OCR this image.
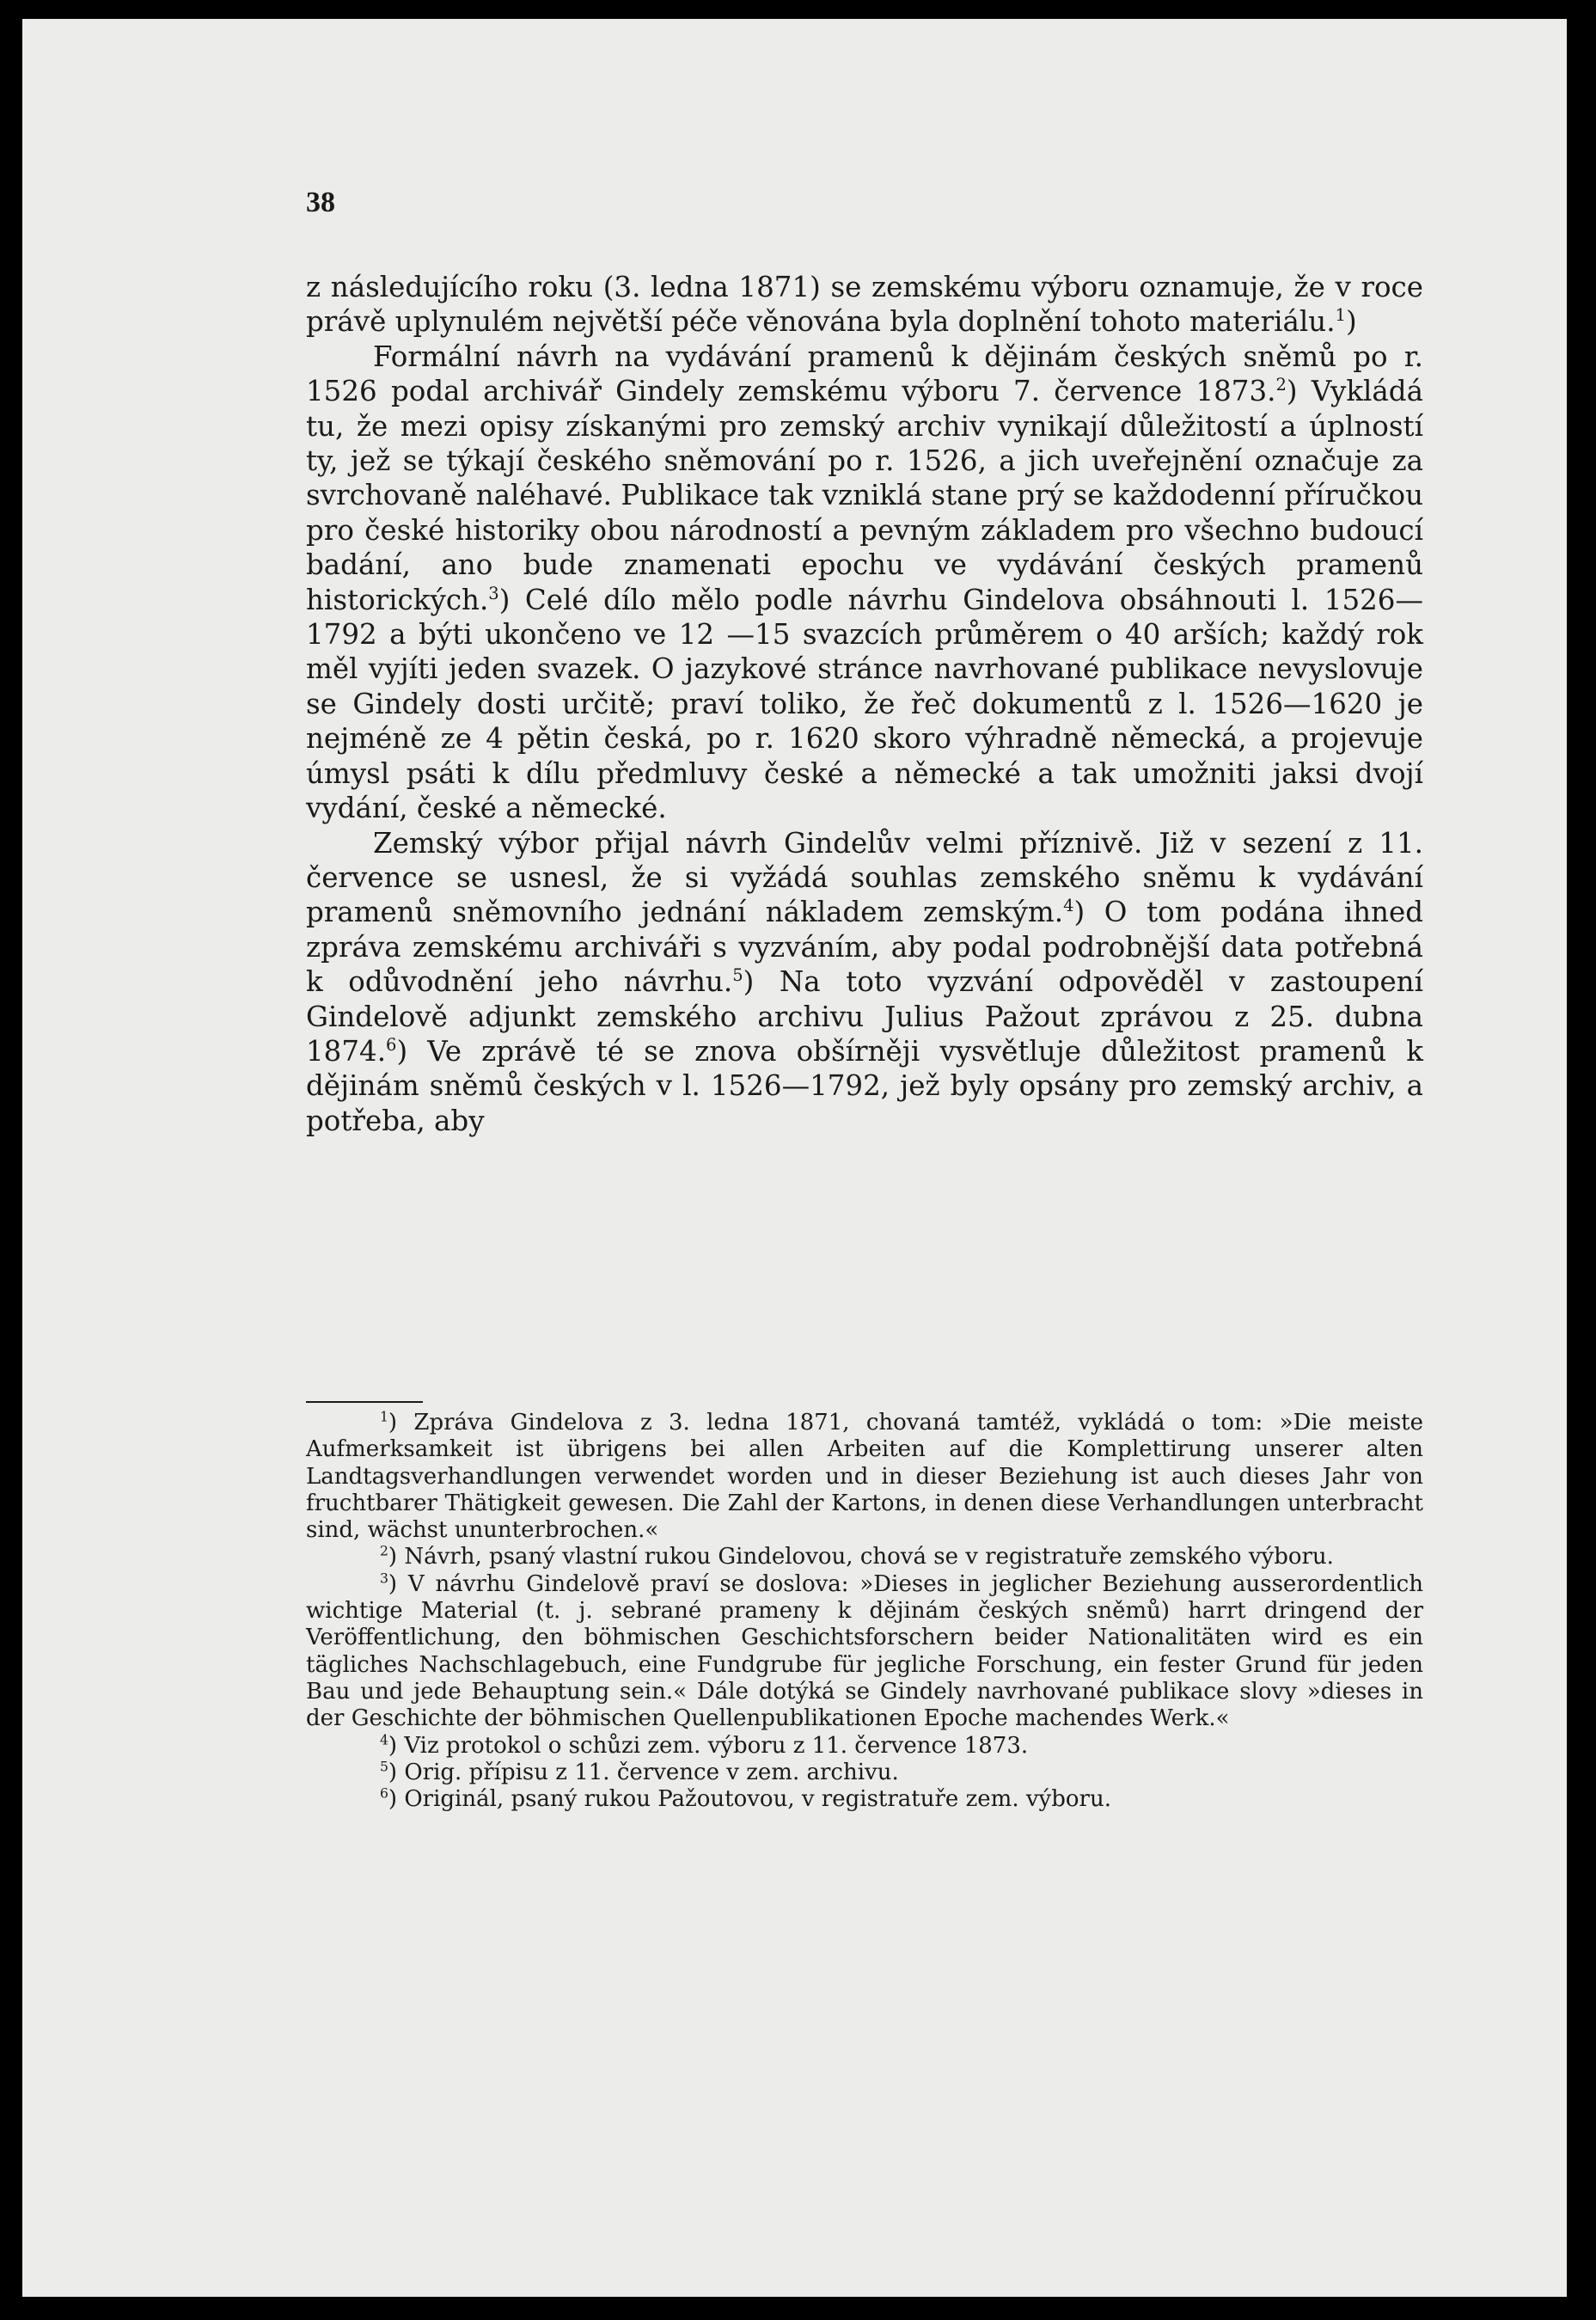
38

z následujícího roku (3. ledna 1871) se zemskému výboru oznamuje, že v roce právě uplynulém největší péče věnována byla doplnění tohoto materiálu.$^1$)

Formální návrh na vydávání pramenů k dějinám českých sněmů po r. 1526 podal archivář Gindely zemskému výboru 7. července 1873.$^2$) Vykládá tu, že mezi opisy získanými pro zemský archiv vynikají důležitostí a úplností ty, jež se týkají českého sněmování po r. 1526, a jich uveřejnění označuje za svrchovaně naléhavé. Publikace tak vzniklá stane prý se každodenní příručkou pro české historiky obou národností a pevným základem pro všechno budoucí badání, ano bude znamenati epochu ve vydávání českých pramenů historických.$^3$) Celé dílo mělo podle návrhu Gindelova obsáhnouti l. 1526—1792 a býti ukončeno ve 12 —15 svazcích průměrem o 40 arších; každý rok měl vyjíti jeden svazek. O jazykové stránce navrhované publikace nevyslovuje se Gindely dosti určitě; praví toliko, že řeč dokumentů z l. 1526—1620 je nejméně ze 4 pětin česká, po r. 1620 skoro výhradně německá, a projevuje úmysl psáti k dílu předmluvy české a německé a tak umožniti jaksi dvojí vydání, české a německé.

Zemský výbor přijal návrh Gindelův velmi příznivě. Již v sezení z 11. července se usnesl, že si vyžádá souhlas zemského sněmu k vydávání pramenů sněmovního jednání nákladem zemským.$^4$) O tom podána ihned zpráva zemskému archiváři s vyzváním, aby podal podrobnější data potřebná k odůvodnění jeho návrhu.$^5$) Na toto vyzvání odpověděl v zastoupení Gindelově adjunkt zemského archivu Julius Pažout zprávou z 25. dubna 1874.$^6$) Ve zprávě té se znova obšírněji vysvětluje důležitost pramenů k dějinám sněmů českých v l. 1526—1792, jež byly opsány pro zemský archiv, a potřeba, aby

$^1$) Zpráva Gindelova z 3. ledna 1871, chovaná tamtéž, vykládá o tom: »Die meiste Aufmerksamkeit ist übrigens bei allen Arbeiten auf die Komplettirung unserer alten Landtagsverhandlungen verwendet worden und in dieser Beziehung ist auch dieses Jahr von fruchtbarer Thätigkeit gewesen. Die Zahl der Kartons, in denen diese Verhandlungen unterbracht sind, wächst ununterbrochen.«

$^2$) Návrh, psaný vlastní rukou Gindelovou, chová se v registratuře zemského výboru.

$^3$) V návrhu Gindelově praví se doslova: »Dieses in jeglicher Beziehung ausserordentlich wichtige Material (t. j. sebrané prameny k dějinám českých sněmů) harrt dringend der Veröffentlichung, den böhmischen Geschichtsforschern beider Nationalitäten wird es ein tägliches Nachschlagebuch, eine Fundgrube für jegliche Forschung, ein fester Grund für jeden Bau und jede Behauptung sein.« Dále dotýká se Gindely navrhované publikace slovy »dieses in der Geschichte der böhmischen Quellenpublikationen Epoche machendes Werk.«

$^4$) Viz protokol o schůzi zem. výboru z 11. července 1873.

$^5$) Orig. přípisu z 11. července v zem. archivu.

$^6$) Originál, psaný rukou Pažoutovou, v registratuře zem. výboru.
